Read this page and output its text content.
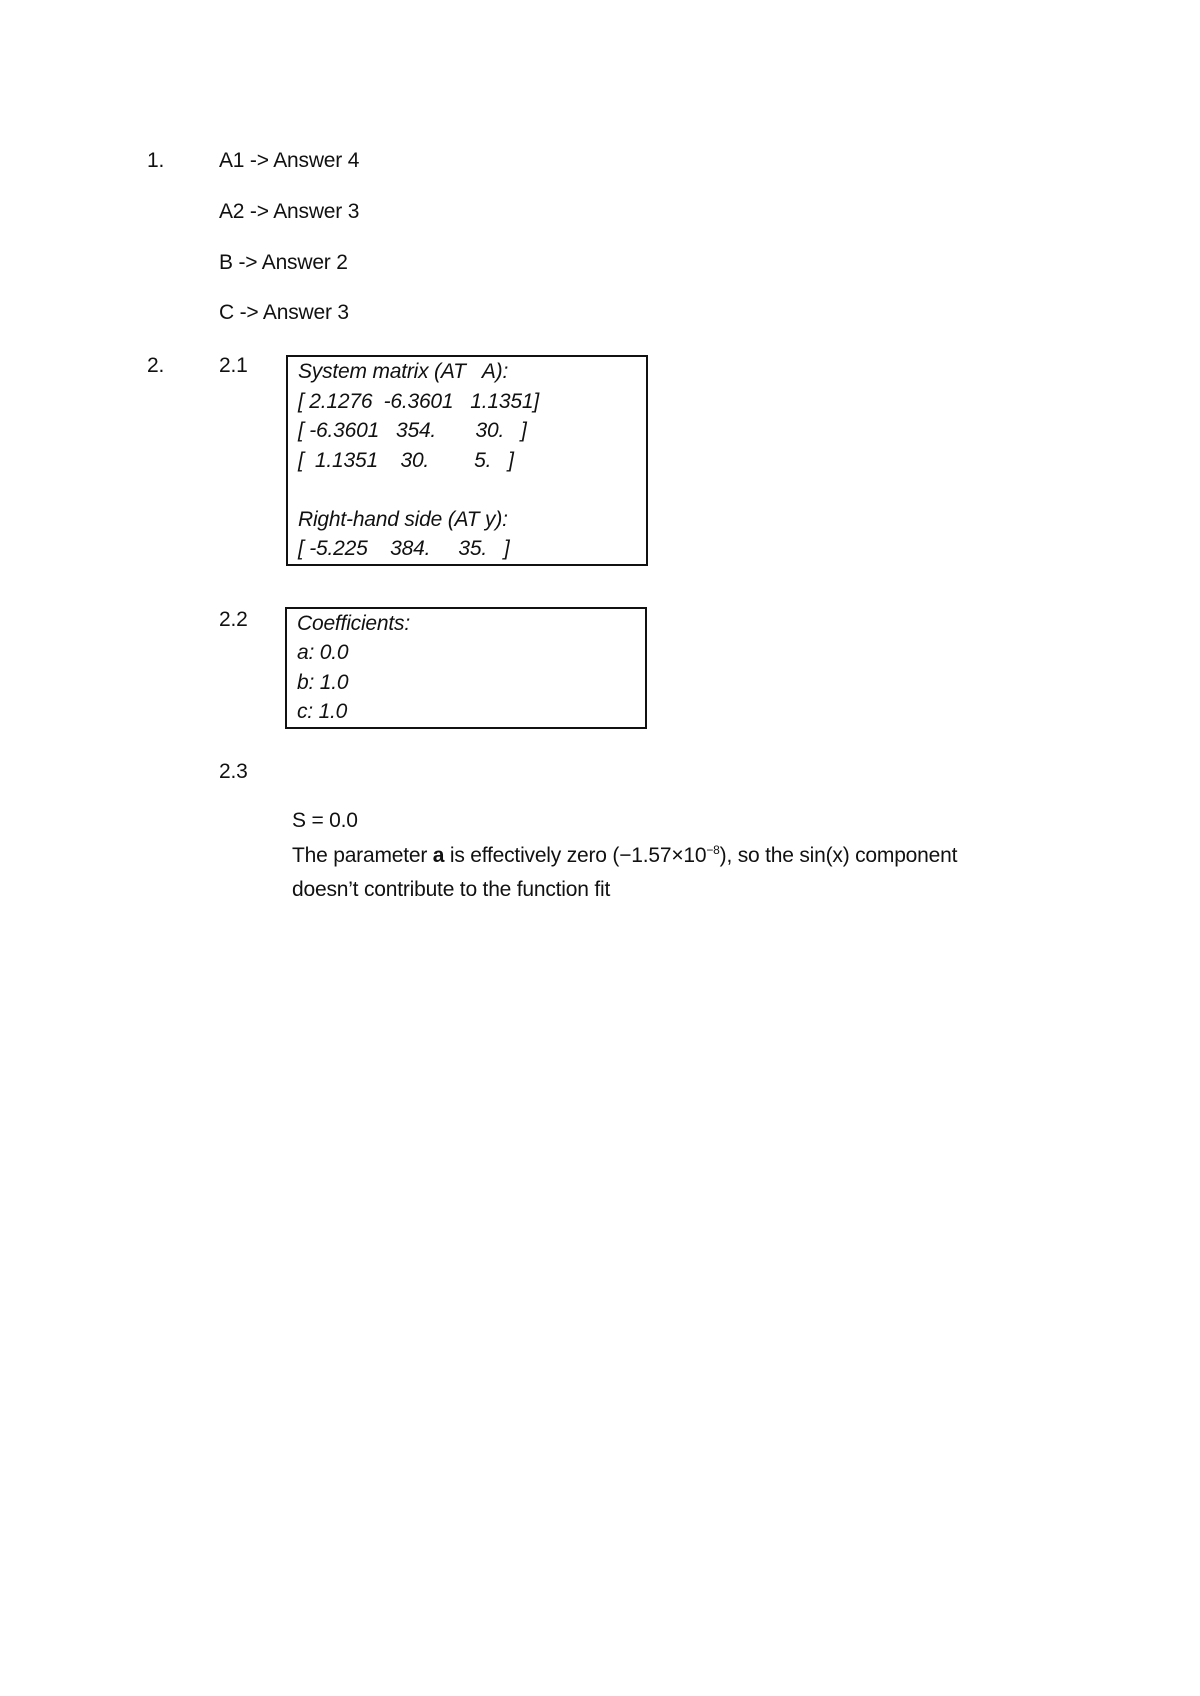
1.	A1 -> Answer 4
A2 -> Answer 3
B -> Answer 2
C -> Answer 3
2.	2.1 System matrix (AT   A):
[ 2.1276  -6.3601   1.1351]
[ -6.3601   354.       30.   ]
[  1.1351    30.        5.   ]
Right-hand side (AT y):
[ -5.225    384.     35.   ]
2.2 Coefficients:
a: 0.0
b: 1.0
c: 1.0
2.3
S = 0.0
The parameter a is effectively zero $(-1.57\times 10^{-8})$, so the sin(x) component
doesn’t contribute to the function fit
